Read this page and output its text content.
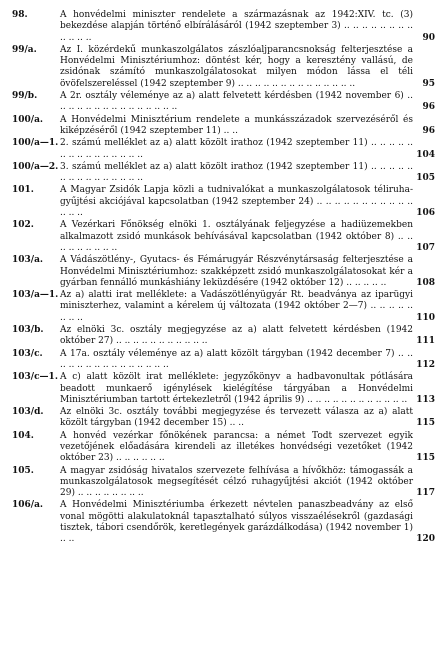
98.	A honvédelmi miniszter rendelete a származásnak az 1942:XIV. tc. (3) bekezdése alapján történő elbírálásáról (1942 szeptember 3) .. .. .. .. .. .. .. .. .. .. .. ..	90
99/a.	Az I. közérdekű munkaszolgálatos zászlóaljparancsnokság felterjesztése a Honvédelmi Minisztériumhoz: döntést kér, hogy a keresztény vallású, de zsidónak számító munkaszolgálatosokat milyen módon lássa el téli övöfelszereléssel (1942 szeptember 9) .. .. .. .. .. .. .. .. .. .. .. .. .. ..	95
99/b.	A 2r. osztály véleménye az a) alatt felvetett kérdésben (1942 november 6) .. .. .. .. .. .. .. .. .. .. .. .. .. .. ..	96
100/a.	A Honvédelmi Minisztérium rendelete a munkásszázadok szervezéséről és kiképzéséről (1942 szeptember 11) .. ..	96
100/a—1. 2. számú melléklet az a) alatt közölt irathoz (1942 szeptember 11) .. .. .. .. .. .. .. .. .. .. .. .. .. .. ..	104
100/a—2. 3. számú melléklet az a) alatt közölt irathoz (1942 szeptember 11) .. .. .. .. .. .. .. .. .. .. .. .. .. .. ..	105
101.	A Magyar Zsidók Lapja közli a tudnivalókat a munkaszolgálatosok téliruha-gyűjtési akciójával kapcsolatban (1942 szeptember 24) .. .. .. .. .. .. .. .. .. .. .. .. .. ..	106
102.	A Vezérkari Főnökség elnöki 1. osztályának feljegyzése a hadiüzemekben alkalmazott zsidó munkások behívásával kapcsolatban (1942 október 8) .. .. .. .. .. .. .. .. ..	107
103/a.	A Vádászötlény-, Gyutacs- és Fémárugyár Részvénytársaság felterjesztése a Honvédelmi Minisztériumhoz: szakképzett zsidó munkaszolgálatosokat kér a gyárban fennálló munkáshiány leküzdésére (1942 október 12) .. .. .. .. ..	108
103/a—1. Az a) alatti irat melléklete: a Vadászötlényügyár Rt. beadványa az iparügyi miniszterhez, valamint a kérelem új változata (1942 október 2—7) .. .. .. .. .. .. .. ..	110
103/b.	Az elnöki 3c. osztály megjegyzése az a) alatt felvetett kérdésben (1942 október 27) .. .. .. .. .. .. .. .. .. .. ..	111
103/c.	A 17a. osztály véleménye az a) alatt közölt tárgyban (1942 december 7) .. .. .. .. .. .. .. .. .. .. .. .. .. .. ..	112
103/c—1. A c) alatt közölt irat melléklete: jegyzőkönyv a hadbavonultak pótlására beadott munkaerő igénylések kielégítése tárgyában a Honvédelmi Minisztériumban tartott értekezletről (1942 április 9) .. .. .. .. .. .. .. .. .. .. .. ..	113
103/d.	Az elnöki 3c. osztály további megjegyzése és tervezett válasza az a) alatt közölt tárgyban (1942 december 15) .. ..	115
104.	A honvéd vezérkar főnökének parancsa: a német Todt szervezet egyik vezetőjének előadására kirendeli az illetékes honvédségi vezetőket (1942 október 23) .. .. .. .. .. ..	115
105.	A magyar zsidóság hivatalos szervezete felhívása a hívőkhöz: támogassák a munkaszolgálatosok megsegítését célzó ruhagyűjtési akciót (1942 október 29) .. .. .. .. .. .. .. ..	117
106/a.	A Honvédelmi Minisztériumba érkezett névtelen panaszbeadvány az első vonal mögötti alakulatoknál tapasztalható súlyos visszaélésekről (gazdasági tisztek, tábori csendőrök, keretlegények garázdálkodása) (1942 november 1) .. ..	120
